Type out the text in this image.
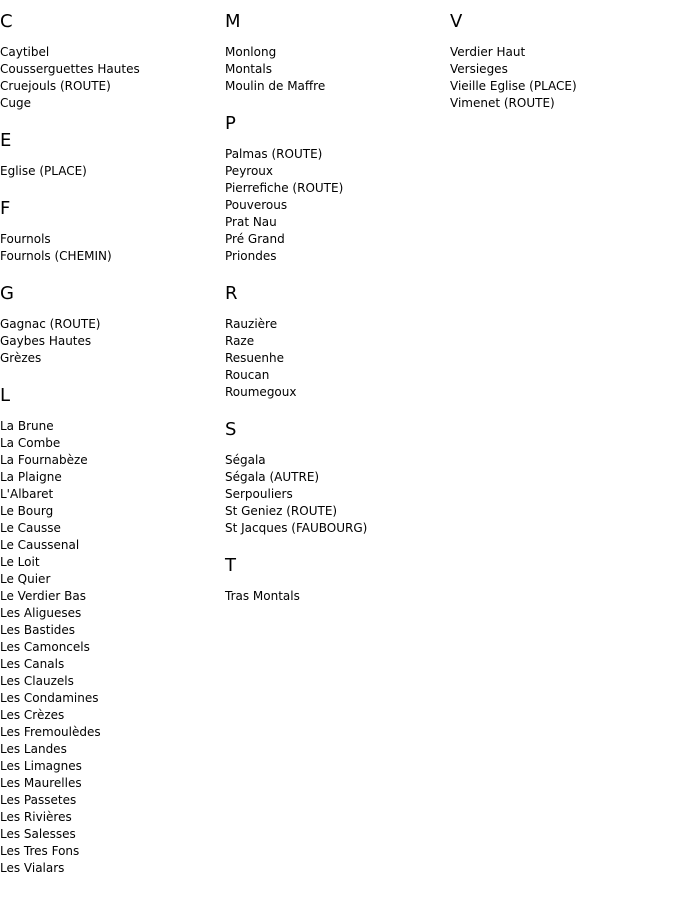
C
Caytibel
Cousserguettes Hautes
Cruejouls (ROUTE)
Cuge
E
Eglise (PLACE)
F
Fournols
Fournols (CHEMIN)
G
Gagnac (ROUTE)
Gaybes Hautes
Grèzes
L
La Brune
La Combe
La Fournabèze
La Plaigne
L'Albaret
Le Bourg
Le Causse
Le Caussenal
Le Loit
Le Quier
Le Verdier Bas
Les Aligueses
Les Bastides
Les Camoncels
Les Canals
Les Clauzels
Les Condamines
Les Crèzes
Les Fremoulèdes
Les Landes
Les Limagnes
Les Maurelles
Les Passetes
Les Rivières
Les Salesses
Les Tres Fons
Les Vialars
M
Monlong
Montals
Moulin de Maffre
P
Palmas (ROUTE)
Peyroux
Pierrefiche (ROUTE)
Pouverous
Prat Nau
Pré Grand
Priondes
R
Rauzière
Raze
Resuenhe
Roucan
Roumegoux
S
Ségala
Ségala (AUTRE)
Serpouliers
St Geniez (ROUTE)
St Jacques (FAUBOURG)
T
Tras Montals
V
Verdier Haut
Versieges
Vieille Eglise (PLACE)
Vimenet (ROUTE)
